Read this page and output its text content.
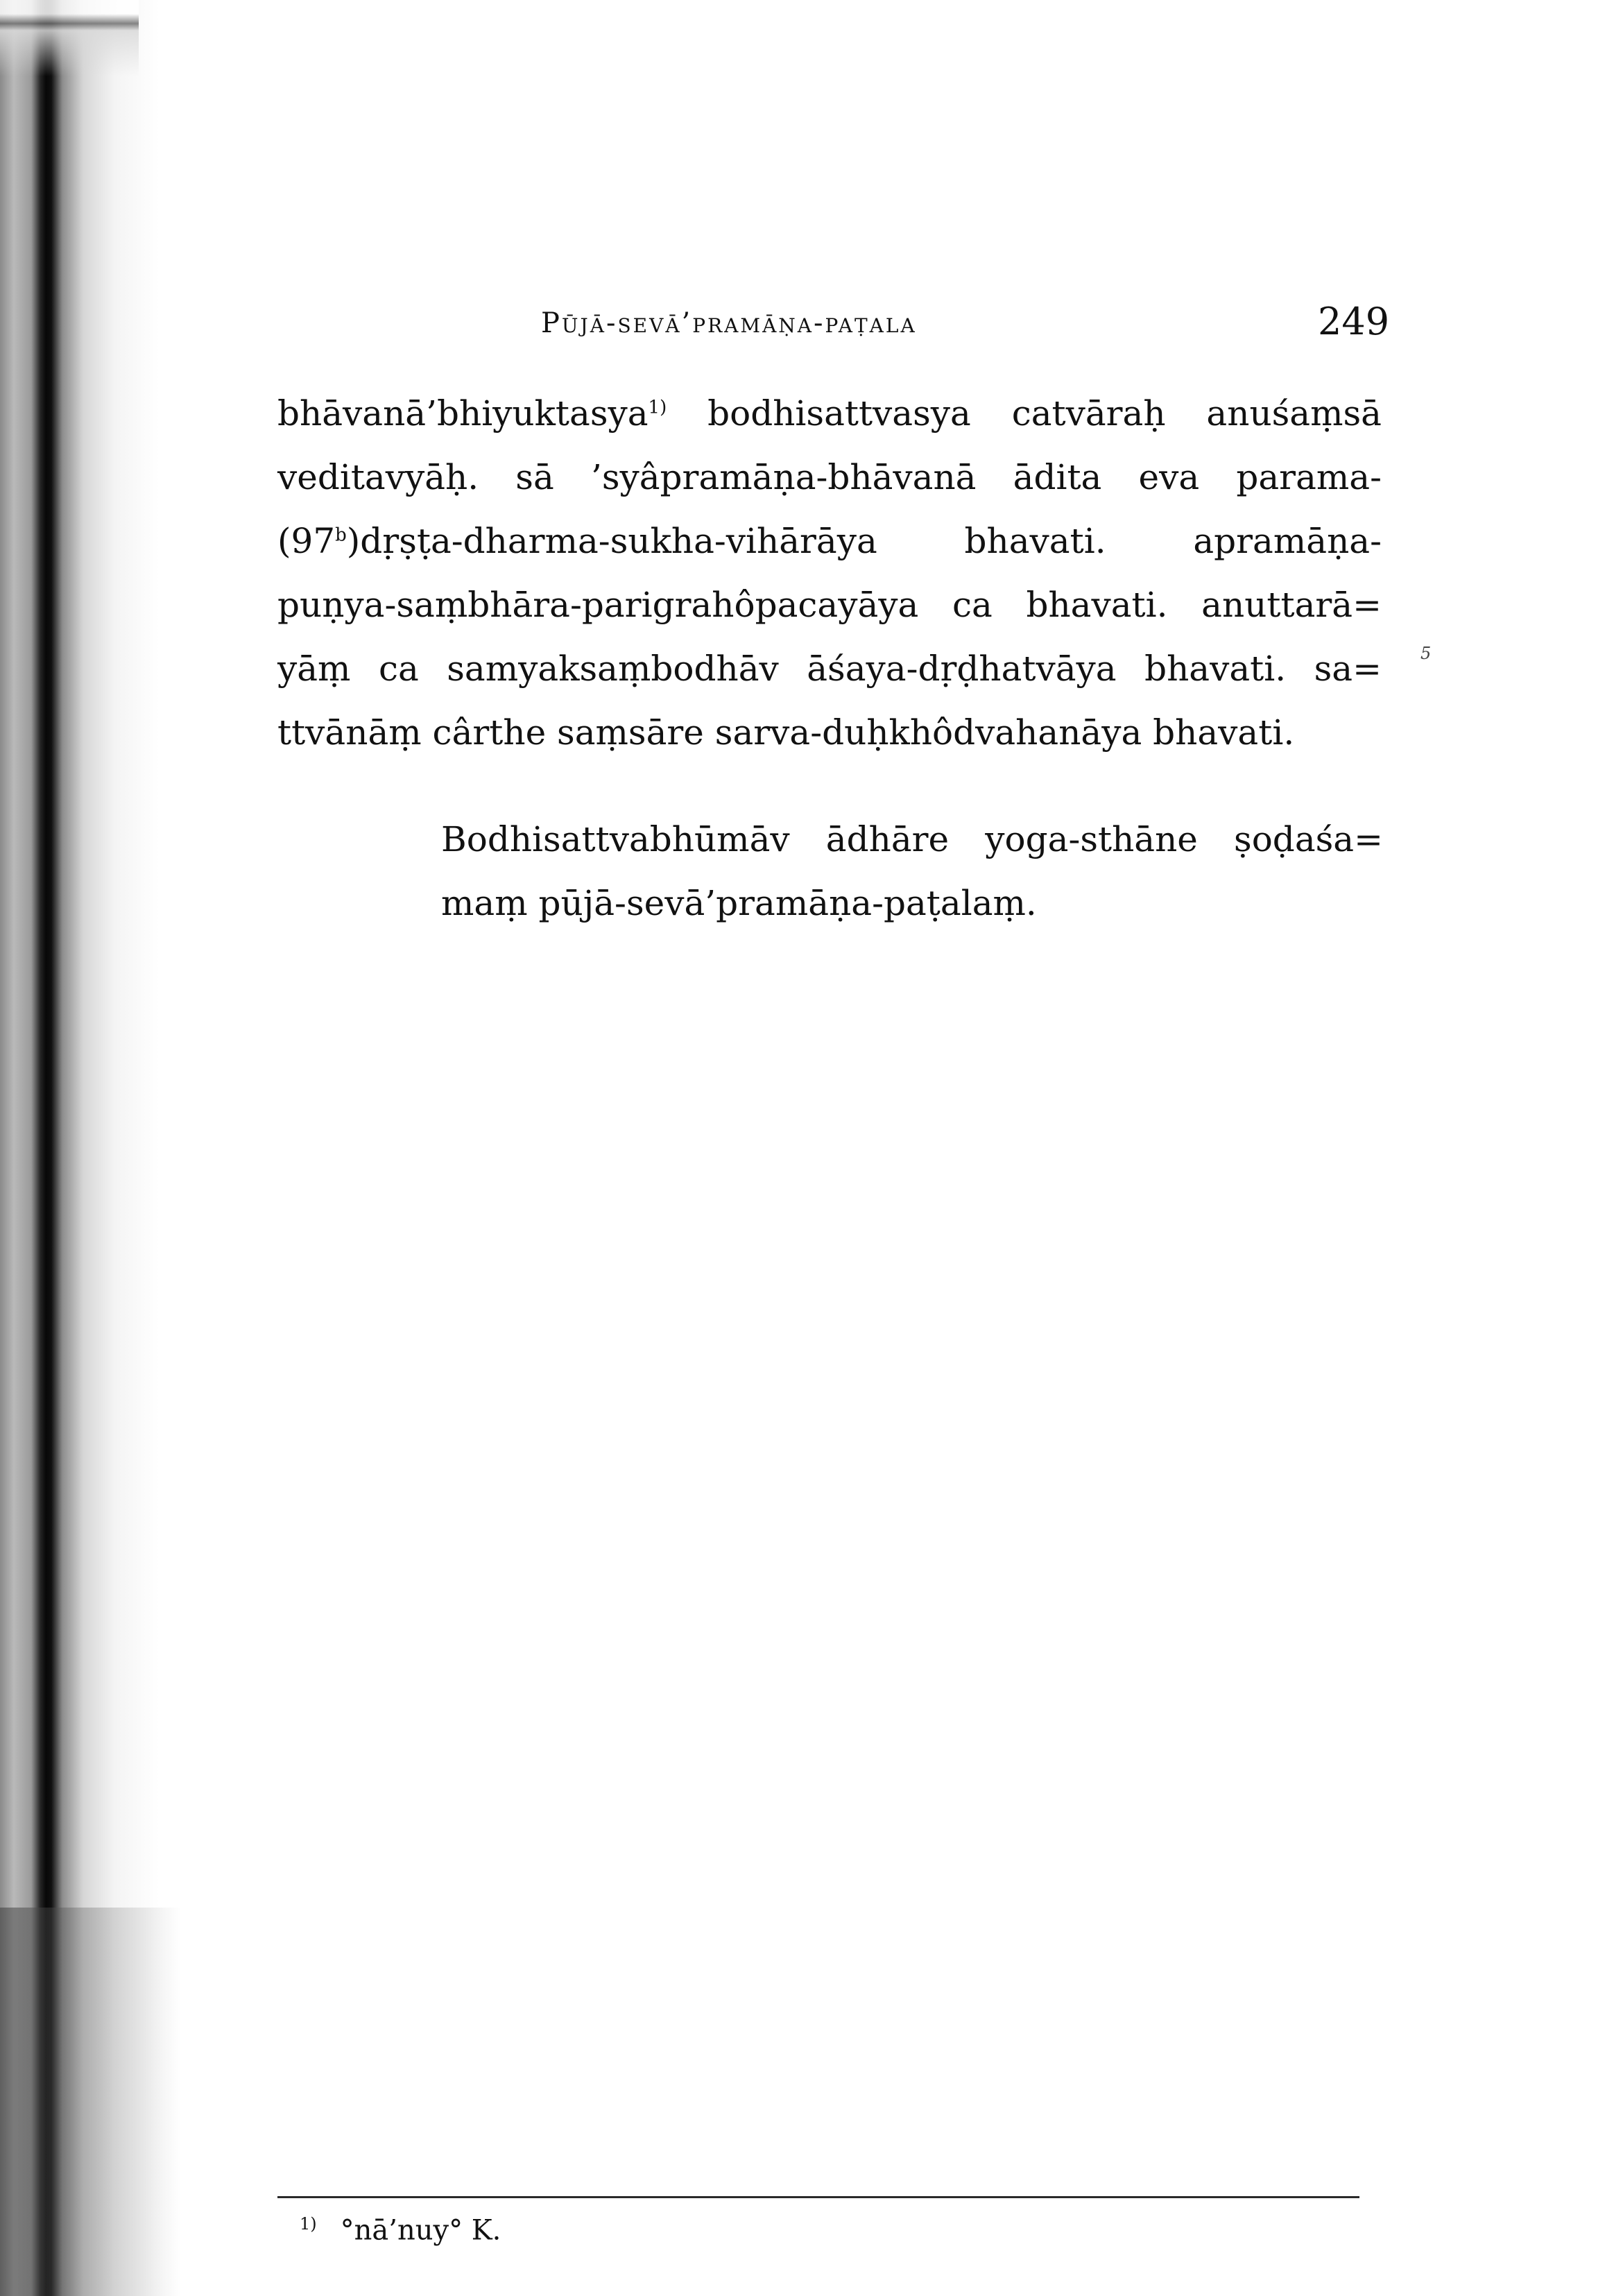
Pūjā-sevā’pramāṇa-paṭala	249
bhāvanā’bhiyuktasya$^{1)}$ bodhisattvasya catvāraḥ anuśaṃsā
veditavyāḥ. sā ’syâpramāṇa-bhāvanā ādita eva parama-
(97$^b$)dṛṣṭa-dharma-sukha-vihārāya bhavati. apramāṇa-
puṇya-saṃbhāra-parigrahôpacayāya ca bhavati. anuttarā=
yāṃ ca samyaksaṃbodhāv āśaya-dṛḍhatvāya bhavati. sa=
ttvānāṃ cârthe saṃsāre sarva-duḥkhôdvahanāya bhavati.
5
Bodhisattvabhūmāv ādhāre yoga-sthāne ṣoḍaśa=
maṃ pūjā-sevā’pramāṇa-paṭalaṃ.
$^{1)}$ °nā’nuy° K.
